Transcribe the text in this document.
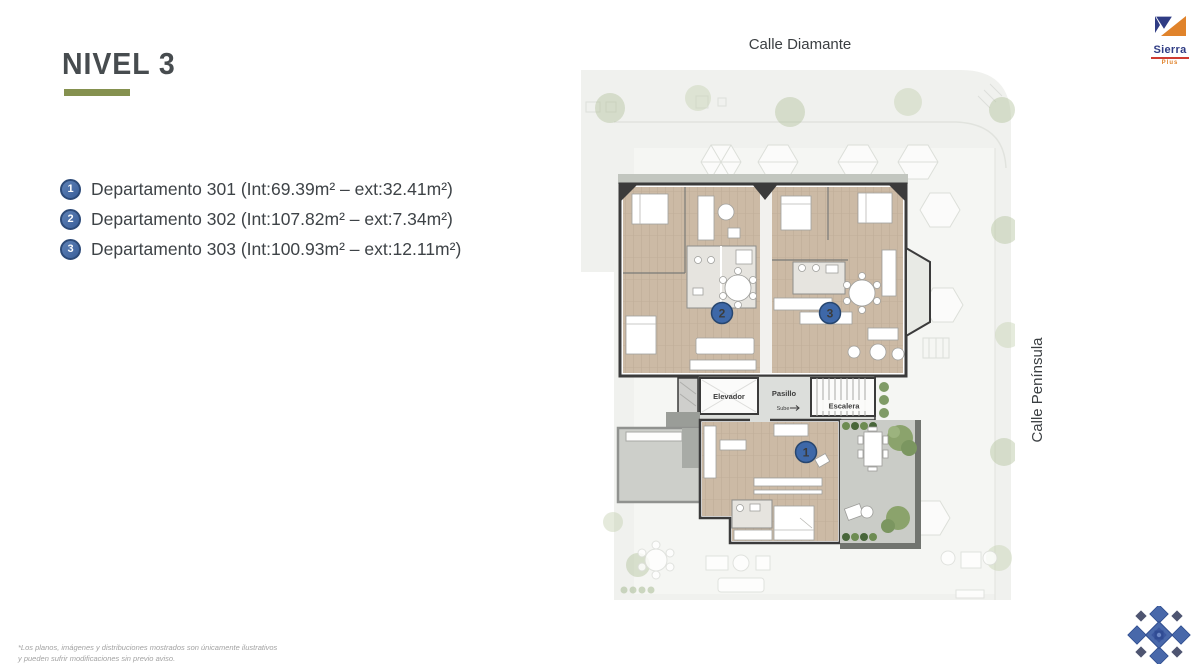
NIVEL 3
1 Departamento 301 (Int:69.39m² – ext:32.41m²)
2 Departamento 302 (Int:107.82m² – ext:7.34m²)
3 Departamento 303 (Int:100.93m² – ext:12.11m²)
Calle Diamante
Calle Península
2	3
Elevador	Pasillo
Sube	Escalera
1
Sierra
Plus
*Los planos, imágenes y distribuciones mostrados son únicamente ilustrativos
y pueden sufrir modificaciones sin previo aviso.
